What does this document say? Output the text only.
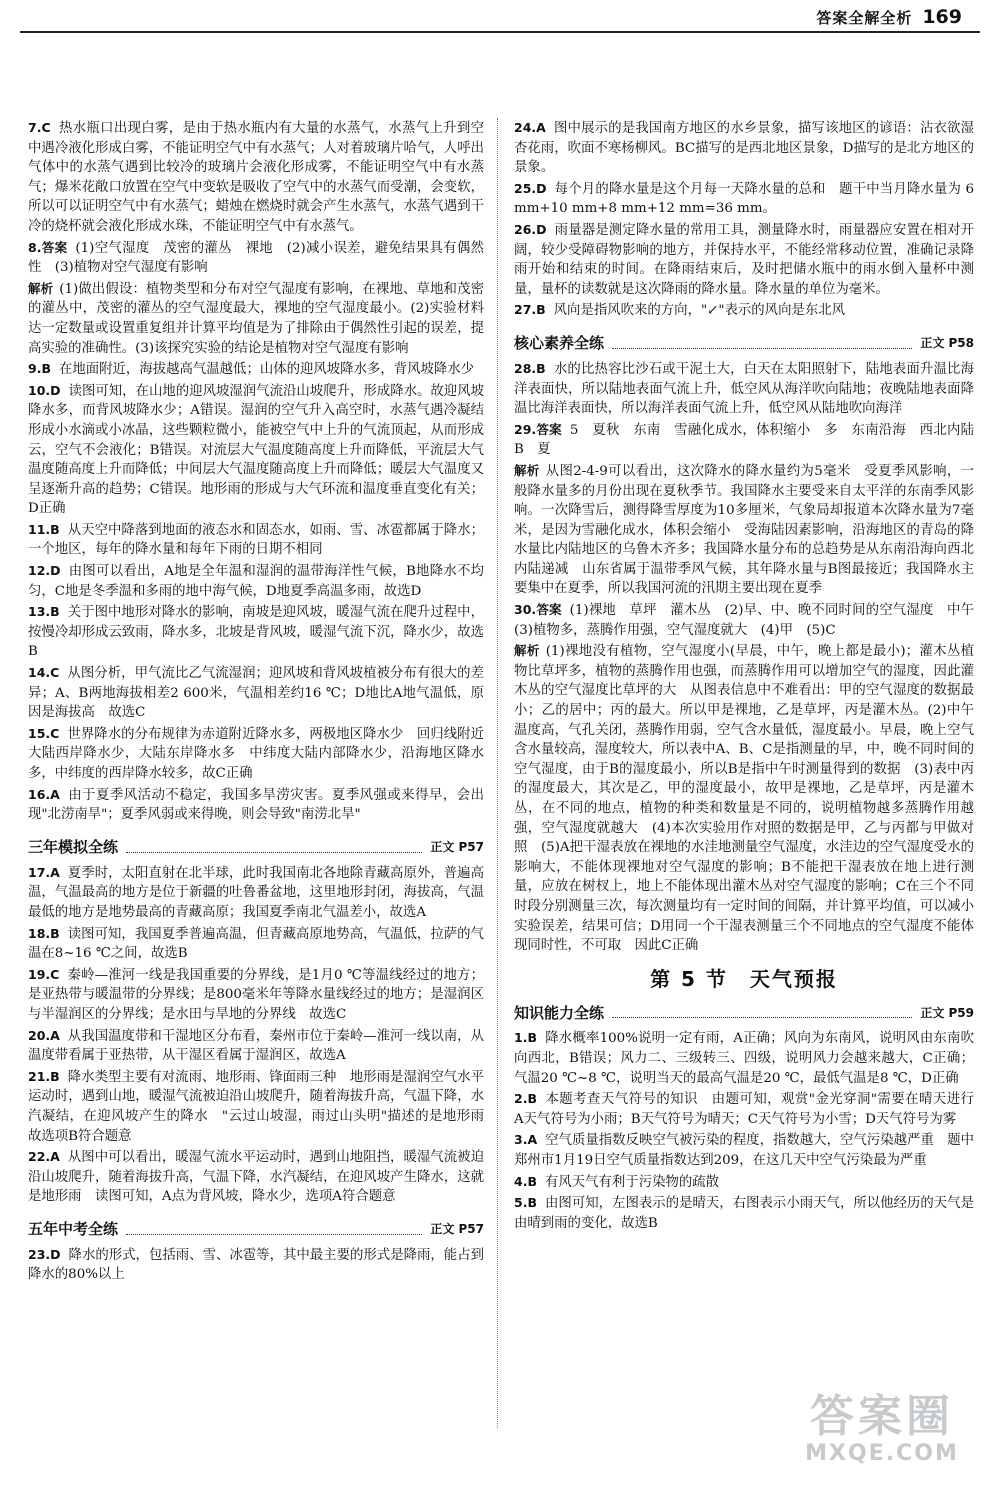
答案全解全析 169
7.C 热水瓶口出现白雾，是由于热水瓶内有大量的水蒸气，水蒸气上升到空中遇冷液化形成白雾，不能证明空气中有水蒸气；人对着玻璃片哈气，人呼出气体中的水蒸气遇到比较冷的玻璃片会液化形成雾，不能证明空气中有水蒸气；爆米花敞口放置在空气中变软是吸收了空气中的水蒸气而受潮，会变软，所以可以证明空气中有水蒸气；蜡烛在燃烧时就会产生水蒸气，水蒸气遇到干冷的烧杯就会液化形成水珠，不能证明空气中有水蒸气。
8.答案 (1)空气湿度　茂密的灌丛　裸地　(2)减小误差，避免结果具有偶然性　(3)植物对空气湿度有影响
解析 (1)做出假设：植物类型和分布对空气湿度有影响，在裸地、草地和茂密的灌丛中，茂密的灌丛的空气湿度最大，裸地的空气湿度最小。(2)实验材料达一定数量或设置重复组并计算平均值是为了排除由于偶然性引起的误差，提高实验的准确性。(3)该探究实验的结论是植物对空气湿度有影响
9.B 在地面附近，海拔越高气温越低；山体的迎风坡降水多，背风坡降水少
10.D 读图可知，在山地的迎风坡湿润气流沿山坡爬升，形成降水。故迎风坡降水多，而背风坡降水少；A错误。湿润的空气升入高空时，水蒸气遇冷凝结形成小水滴或小冰晶，这些颗粒微小，能被空气中上升的气流顶起，从而形成云，空气不会液化；B错误。对流层大气温度随高度上升而降低，平流层大气温度随高度上升而降低；中间层大气温度随高度上升而降低；暖层大气温度又呈逐渐升高的趋势；C错误。地形雨的形成与大气环流和温度垂直变化有关；D正确
11.B 从天空中降落到地面的液态水和固态水，如雨、雪、冰雹都属于降水；一个地区，每年的降水量和每年下雨的日期不相同
12.D 由图可以看出，A地是全年温和湿润的温带海洋性气候，B地降水不均匀，C地是冬季温和多雨的地中海气候，D地夏季高温多雨，故选D
13.B 关于图中地形对降水的影响，南坡是迎风坡，暖湿气流在爬升过程中，按慢冷却形成云致雨，降水多，北坡是背风坡，暖湿气流下沉，降水少，故选B
14.C 从图分析，甲气流比乙气流湿润；迎风坡和背风坡植被分布有很大的差异；A、B两地海拔相差2 600米，气温相差约16 ℃；D地比A地气温低，原因是海拔高　故选C
15.C 世界降水的分布规律为赤道附近降水多，两极地区降水少　回归线附近大陆西岸降水少，大陆东岸降水多　中纬度大陆内部降水少，沿海地区降水多，中纬度的西岸降水较多，故C正确
16.A 由于夏季风活动不稳定，我国多旱涝灾害。夏季风强或来得早，会出现"北涝南旱"；夏季风弱或来得晚，则会导致"南涝北旱"
三年模拟全练	正文 P57
17.A 夏季时，太阳直射在北半球，此时我国南北各地除青藏高原外，普遍高温，气温最高的地方是位于新疆的吐鲁番盆地，这里地形封闭，海拔高，气温最低的地方是地势最高的青藏高原；我国夏季南北气温差小，故选A
18.B 读图可知，我国夏季普遍高温，但青藏高原地势高，气温低，拉萨的气温在8~16 ℃之间，故选B
19.C 秦岭—淮河一线是我国重要的分界线，是1月0 ℃等温线经过的地方；是亚热带与暖温带的分界线；是800毫米年等降水量线经过的地方；是湿润区与半湿润区的分界线；是水田与旱地的分界线　故选C
20.A 从我国温度带和干湿地区分布看，秦州市位于秦岭—淮河一线以南，从温度带看属于亚热带，从干湿区看属于湿润区，故选A
21.B 降水类型主要有对流雨、地形雨、锋面雨三种　地形雨是湿润空气水平运动时，遇到山地，暖湿气流被迫沿山坡爬升，随着海拔升高，气温下降，水汽凝结，在迎风坡产生的降水　"云过山坡湿，雨过山头明"描述的是地形雨　故选项B符合题意
22.A 从图中可以看出，暖湿气流水平运动时，遇到山地阻挡，暖湿气流被迫沿山坡爬升，随着海拔升高，气温下降，水汽凝结，在迎风坡产生降水，这就是地形雨　读图可知，A点为背风坡，降水少，选项A符合题意
五年中考全练	正文 P57
23.D 降水的形式，包括雨、雪、冰雹等，其中最主要的形式是降雨，能占到降水的80%以上
24.A 图中展示的是我国南方地区的水乡景象，描写该地区的谚语：沾衣欲湿杏花雨，吹面不寒杨柳风。BC描写的是西北地区景象，D描写的是北方地区的景象。
25.D 每个月的降水量是这个月每一天降水量的总和　题干中当月降水量为 6 mm+10 mm+8 mm+12 mm=36 mm。
26.D 雨量器是测定降水量的常用工具，测量降水时，雨量器应安置在相对开阔，较少受障碍物影响的地方，并保持水平，不能经常移动位置，准确记录降雨开始和结束的时间。在降雨结束后，及时把储水瓶中的雨水倒入量杯中测量，量杯的读数就是这次降雨的降水量。降水量的单位为毫米。
27.B 风向是指风吹来的方向，"↙"表示的风向是东北风
核心素养全练	正文 P58
28.B 水的比热容比沙石或干泥土大，白天在太阳照射下，陆地表面升温比海洋表面快，所以陆地表面气流上升，低空风从海洋吹向陆地；夜晚陆地表面降温比海洋表面快，所以海洋表面气流上升，低空风从陆地吹向海洋
29.答案 5　夏秋　东南　雪融化成水，体积缩小　多　东南沿海　西北内陆　B　夏
解析 从图2-4-9可以看出，这次降水的降水量约为5毫米　受夏季风影响，一般降水量多的月份出现在夏秋季节。我国降水主要受来自太平洋的东南季风影响。一次降雪后，测得降雪厚度为10多厘米，气象局却报道本次降水量为7毫米，是因为雪融化成水，体积会缩小　受海陆因素影响，沿海地区的青岛的降水量比内陆地区的乌鲁木齐多；我国降水量分布的总趋势是从东南沿海向西北内陆递减　山东省属于温带季风气候，其年降水量与B图最接近；我国降水主要集中在夏季，所以我国河流的汛期主要出现在夏季
30.答案 (1)裸地　草坪　灌木丛　(2)早、中、晚不同时间的空气湿度　中午　(3)植物多，蒸腾作用强，空气湿度就大　(4)甲　(5)C
解析 (1)裸地没有植物，空气湿度小(早晨，中午，晚上都是最小)；灌木丛植物比草坪多，植物的蒸腾作用也强，而蒸腾作用可以增加空气的湿度，因此灌木丛的空气湿度比草坪的大　从图表信息中不难看出：甲的空气湿度的数据最小；乙的居中；丙的最大。所以甲是裸地，乙是草坪，丙是灌木丛。(2)中午温度高，气孔关闭，蒸腾作用弱，空气含水量低，湿度最小。早晨，晚上空气含水量较高，湿度较大，所以表中A、B、C是指测量的早，中，晚不同时间的空气湿度，由于B的湿度最小，所以B是指中午时测量得到的数据　(3)表中丙的湿度最大，其次是乙，甲的湿度最小，故甲是裸地，乙是草坪，丙是灌木丛，在不同的地点，植物的种类和数量是不同的，说明植物越多蒸腾作用越强，空气湿度就越大　(4)本次实验用作对照的数据是甲，乙与丙都与甲做对照　(5)A把干湿表放在裸地的水洼地测量空气湿度，水洼边的空气湿度受水的影响大，不能体现裸地对空气湿度的影响；B不能把干湿表放在地上进行测量，应放在树杈上，地上不能体现出灌木丛对空气湿度的影响；C在三个不同时段分别测量三次，每次测量均有一定时间的间隔，并计算平均值，可以减小实验误差，结果可信；D用同一个干湿表测量三个不同地点的空气湿度不能体现同时性，不可取　因此C正确
第 5 节　天气预报
知识能力全练	正文 P59
1.B 降水概率100%说明一定有雨，A正确；风向为东南风，说明风由东南吹向西北，B错误；风力二、三级转三、四级，说明风力会越来越大，C正确；气温20 ℃~8 ℃，说明当天的最高气温是20 ℃，最低气温是8 ℃，D正确
2.B 本题考查天气符号的知识　由题可知，观赏"金光穿洞"需要在晴天进行　A天气符号为小雨；B天气符号为晴天；C天气符号为小雪；D天气符号为雾
3.A 空气质量指数反映空气被污染的程度，指数越大，空气污染越严重　题中郑州市1月19日空气质量指数达到209，在这几天中空气污染最为严重
4.B 有风天气有利于污染物的疏散
5.B 由图可知，左图表示的是晴天，右图表示小雨天气，所以他经历的天气是由晴到雨的变化，故选B
答案圈
MXQE.COM
